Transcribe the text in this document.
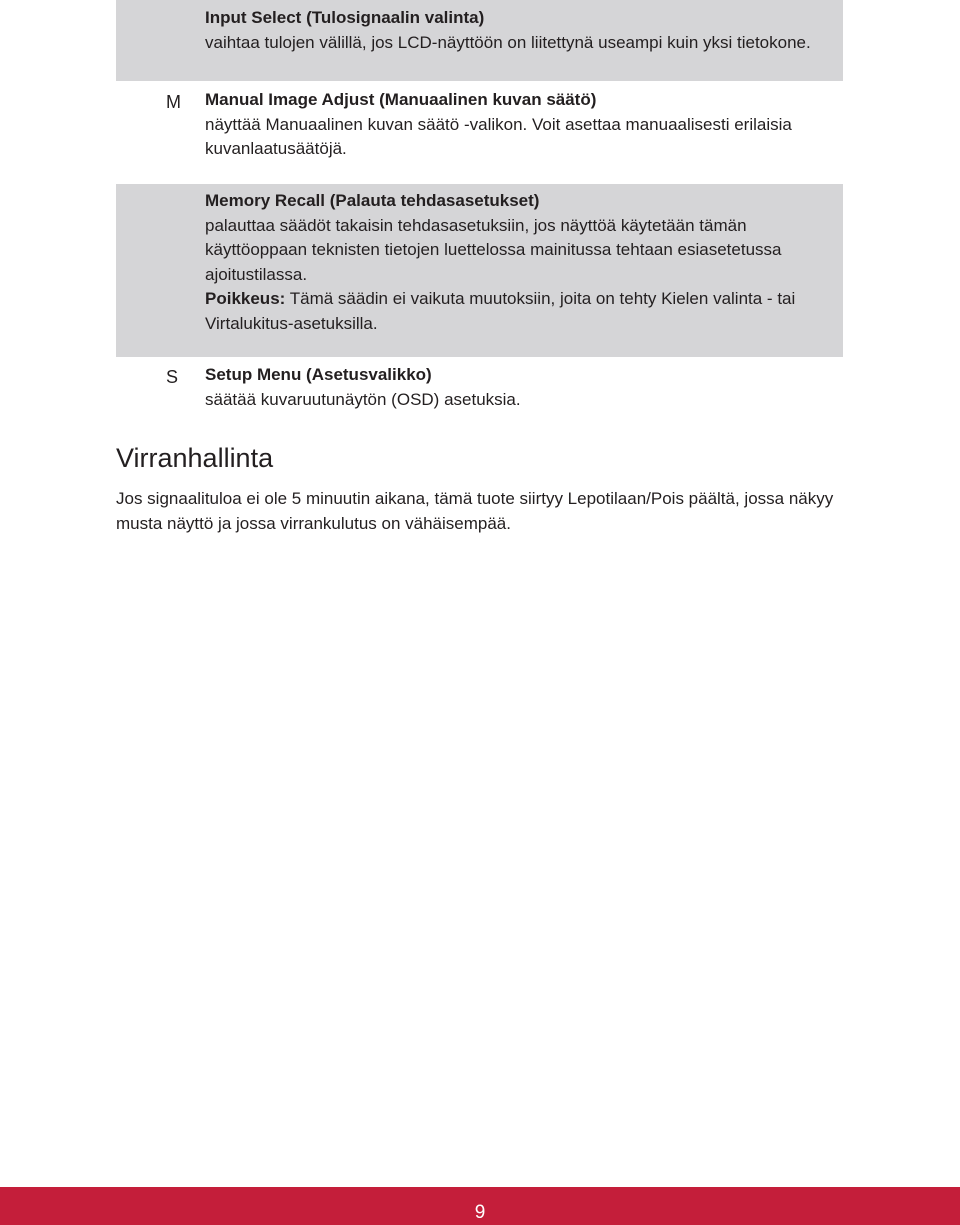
Input Select (Tulosignaalin valinta)

vaihtaa tulojen välillä, jos LCD-näyttöön on liitettynä useampi kuin yksi tietokone.

M Manual Image Adjust (Manuaalinen kuvan säätö)

näyttää Manuaalinen kuvan säätö -valikon. Voit asettaa manuaalisesti erilaisia kuvanlaatusäätöjä.

Memory Recall (Palauta tehdasasetukset)

palauttaa säädöt takaisin tehdasasetuksiin, jos näyttöä käytetään tämän käyttöoppaan teknisten tietojen luettelossa mainitussa tehtaan esiasetetussa ajoitustilassa.

Poikkeus: Tämä säädin ei vaikuta muutoksiin, joita on tehty Kielen valinta - tai Virtalukitus-asetuksilla.

S Setup Menu (Asetusvalikko)

säätää kuvaruutunäytön (OSD) asetuksia.

Virranhallinta

Jos signaalituloa ei ole 5 minuutin aikana, tämä tuote siirtyy Lepotilaan/Pois päältä, jossa näkyy musta näyttö ja jossa virrankulutus on vähäisempää.

9
